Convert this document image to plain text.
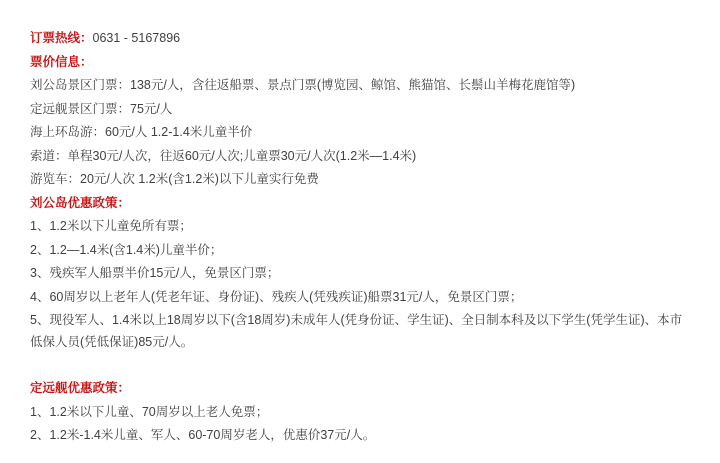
订票热线：0631 - 5167896
票价信息：
刘公岛景区门票：138元/人，含往返船票、景点门票(博览园、鲸馆、熊猫馆、长鬃山羊梅花鹿馆等)
定远舰景区门票：75元/人
海上环岛游：60元/人 1.2-1.4米儿童半价
索道：单程30元/人次，往返60元/人次;儿童票30元/人次(1.2米—1.4米)
游览车：20元/人次 1.2米(含1.2米)以下儿童实行免费
刘公岛优惠政策：
1、1.2米以下儿童免所有票；
2、1.2—1.4米(含1.4米)儿童半价；
3、残疾军人船票半价15元/人，免景区门票；
4、60周岁以上老年人(凭老年证、身份证)、残疾人(凭残疾证)船票31元/人，免景区门票；
5、现役军人、1.4米以上18周岁以下(含18周岁)未成年人(凭身份证、学生证)、全日制本科及以下学生(凭学生证)、本市低保人员(凭低保证)85元/人。
定远舰优惠政策：
1、1.2米以下儿童、70周岁以上老人免票；
2、1.2米-1.4米儿童、军人、60-70周岁老人，优惠价37元/人。
